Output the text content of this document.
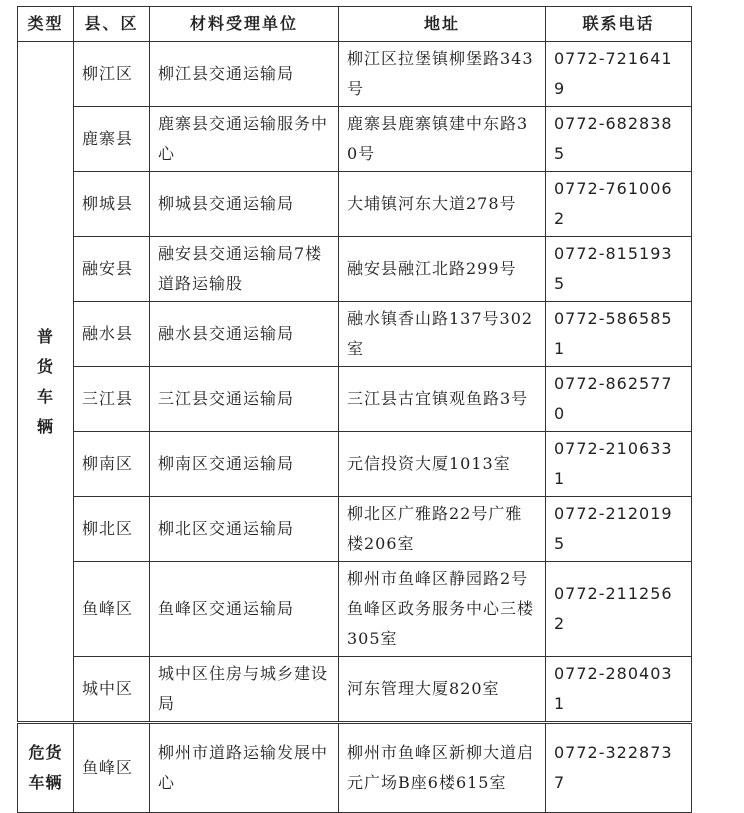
类型	县、区	材料受理单位	地址	联系电话
普货车辆	柳江区	柳江县交通运输局	柳江区拉堡镇柳堡路343号	0772-7216419
	鹿寨县	鹿寨县交通运输服务中心	鹿寨县鹿寨镇建中东路30号	0772-6828385
	柳城县	柳城县交通运输局	大埔镇河东大道278号	0772-7610062
	融安县	融安县交通运输局7楼道路运输股	融安县融江北路299号	0772-8151935
	融水县	融水县交通运输局	融水镇香山路137号302室	0772-5865851
	三江县	三江县交通运输局	三江县古宜镇观鱼路3号	0772-8625770
	柳南区	柳南区交通运输局	元信投资大厦1013室	0772-2106331
	柳北区	柳北区交通运输局	柳北区广雅路22号广雅楼206室	0772-2120195
	鱼峰区	鱼峰区交通运输局	柳州市鱼峰区静园路2号鱼峰区政务服务中心三楼305室	0772-2112562
	城中区	城中区住房与城乡建设局	河东管理大厦820室	0772-2804031
危货车辆	鱼峰区	柳州市道路运输发展中心	柳州市鱼峰区新柳大道启元广场B座6楼615室	0772-3228737
